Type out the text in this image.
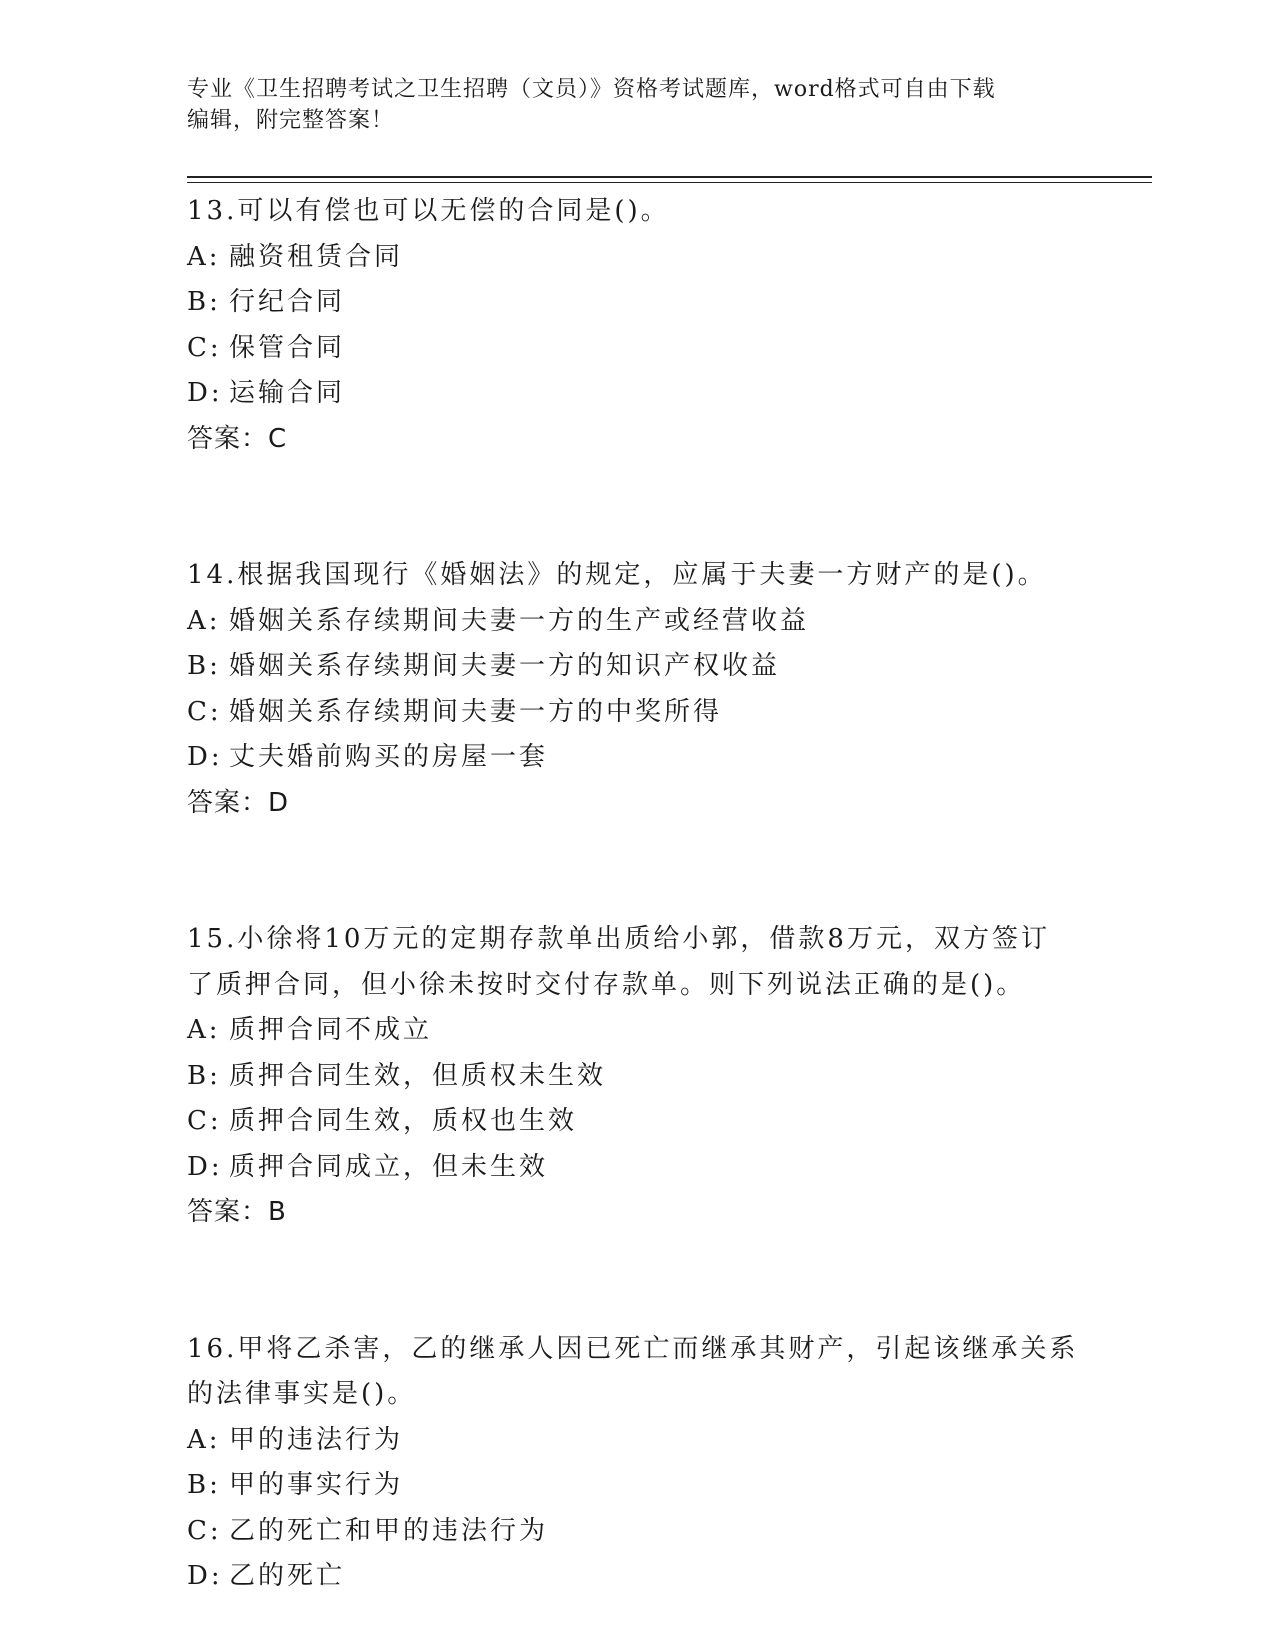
专业《卫生招聘考试之卫生招聘（文员）》资格考试题库，word格式可自由下载
编辑，附完整答案！
13.可以有偿也可以无偿的合同是()。
A: 融资租赁合同
B: 行纪合同
C: 保管合同
D: 运输合同
答案：C
14.根据我国现行《婚姻法》的规定，应属于夫妻一方财产的是()。
A: 婚姻关系存续期间夫妻一方的生产或经营收益
B: 婚姻关系存续期间夫妻一方的知识产权收益
C: 婚姻关系存续期间夫妻一方的中奖所得
D: 丈夫婚前购买的房屋一套
答案：D
15.小徐将10万元的定期存款单出质给小郭，借款8万元，双方签订
了质押合同，但小徐未按时交付存款单。则下列说法正确的是()。
A: 质押合同不成立
B: 质押合同生效，但质权未生效
C: 质押合同生效，质权也生效
D: 质押合同成立，但未生效
答案：B
16.甲将乙杀害，乙的继承人因已死亡而继承其财产，引起该继承关系
的法律事实是()。
A: 甲的违法行为
B: 甲的事实行为
C: 乙的死亡和甲的违法行为
D: 乙的死亡
